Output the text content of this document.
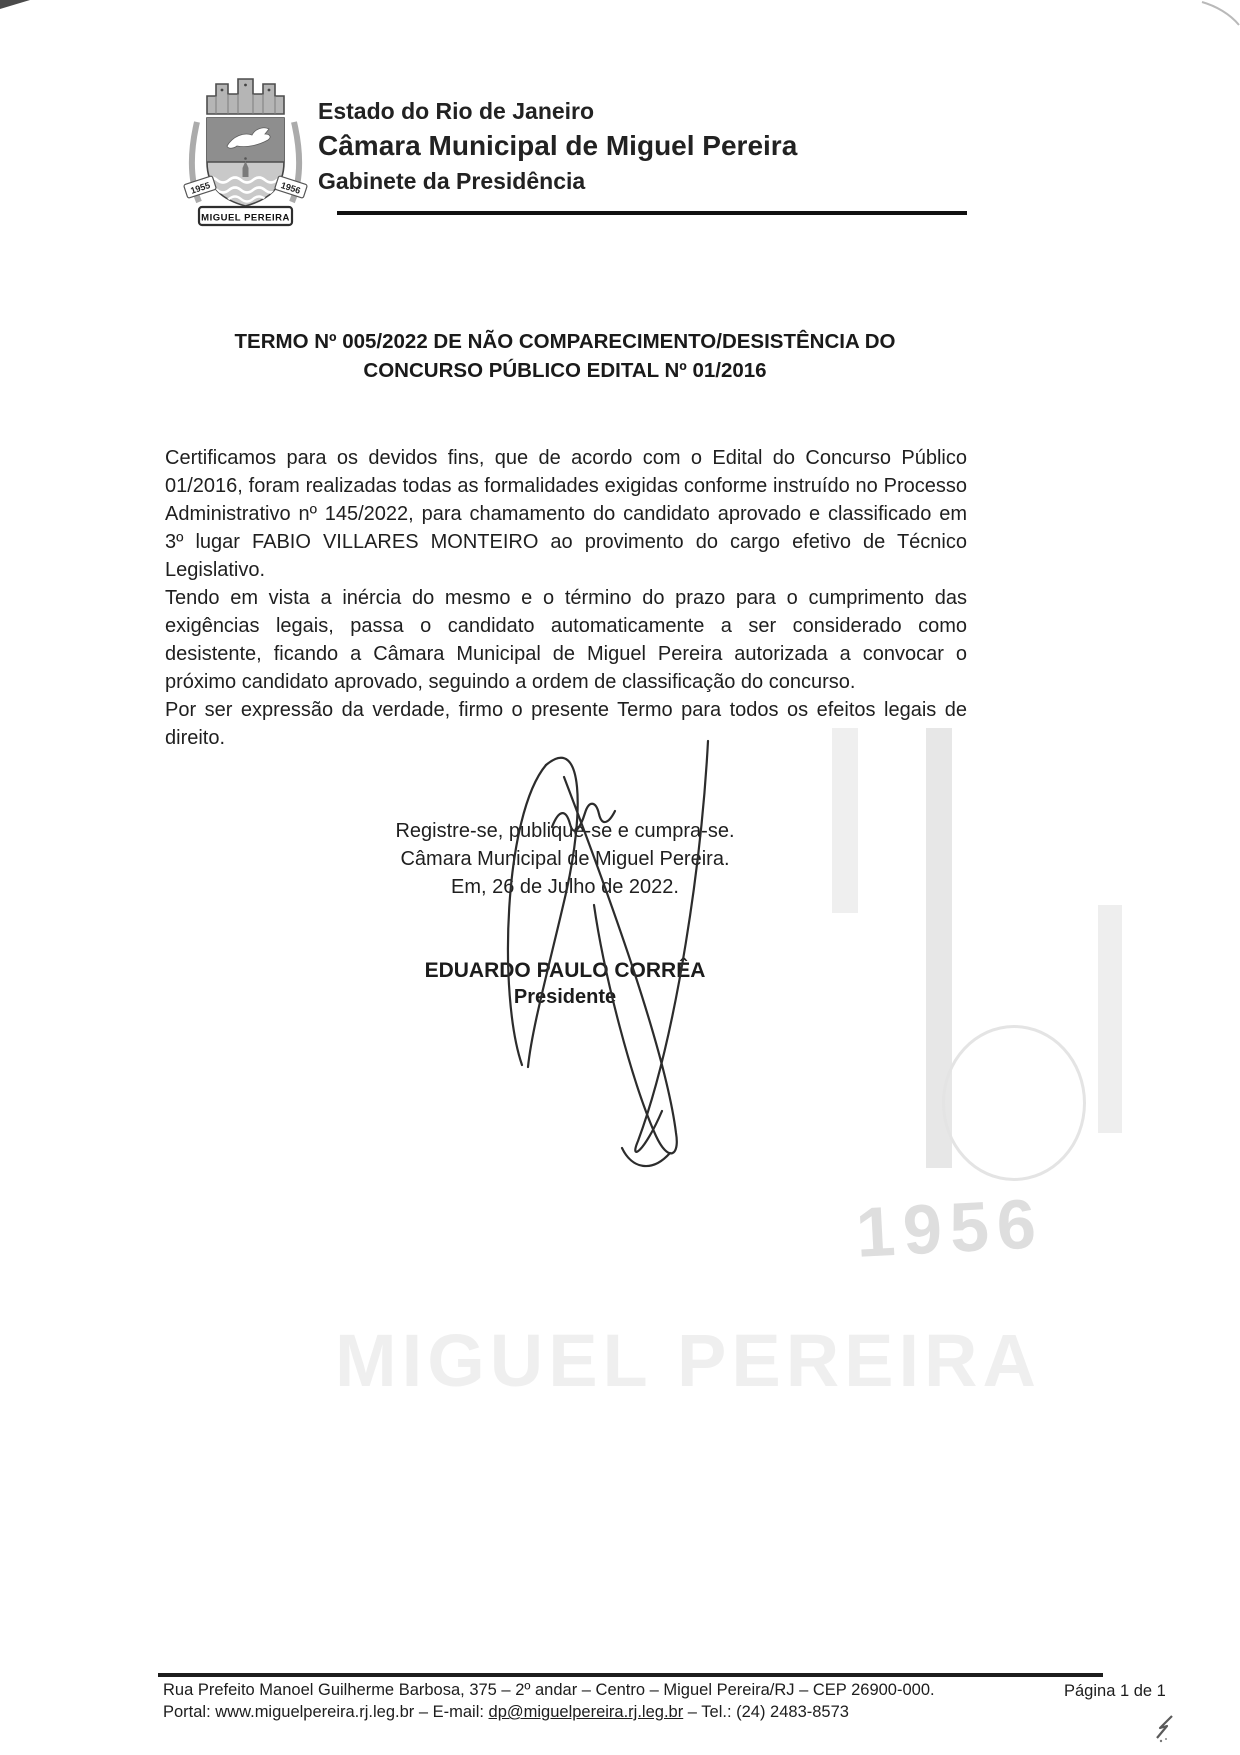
1955	1956
MIGUEL PEREIRA
Estado do Rio de Janeiro
Câmara Municipal de Miguel Pereira
Gabinete da Presidência
TERMO Nº 005/2022 DE NÃO COMPARECIMENTO/DESISTÊNCIA DO
CONCURSO PÚBLICO EDITAL Nº 01/2016

Certificamos para os devidos fins, que de acordo com o Edital do Concurso Público 01/2016, foram realizadas todas as formalidades exigidas conforme instruído no Processo Administrativo nº 145/2022, para chamamento do candidato aprovado e classificado em 3º lugar FABIO VILLARES MONTEIRO ao provimento do cargo efetivo de Técnico Legislativo.

Tendo em vista a inércia do mesmo e o término do prazo para o cumprimento das exigências legais, passa o candidato automaticamente a ser considerado como desistente, ficando a Câmara Municipal de Miguel Pereira autorizada a convocar o próximo candidato aprovado, seguindo a ordem de classificação do concurso.

Por ser expressão da verdade, firmo o presente Termo para todos os efeitos legais de direito.

Registre-se, publique-se e cumpra-se.
Câmara Municipal de Miguel Pereira.
Em, 26 de Julho de 2022.
EDUARDO PAULO CORRÊA
Presidente
1956
MIGUEL PEREIRA
Rua Prefeito Manoel Guilherme Barbosa, 375 – 2º andar – Centro – Miguel Pereira/RJ – CEP 26900-000.
Portal: www.miguelpereira.rj.leg.br – E-mail: dp@miguelpereira.rj.leg.br – Tel.: (24) 2483-8573
Página 1 de 1
